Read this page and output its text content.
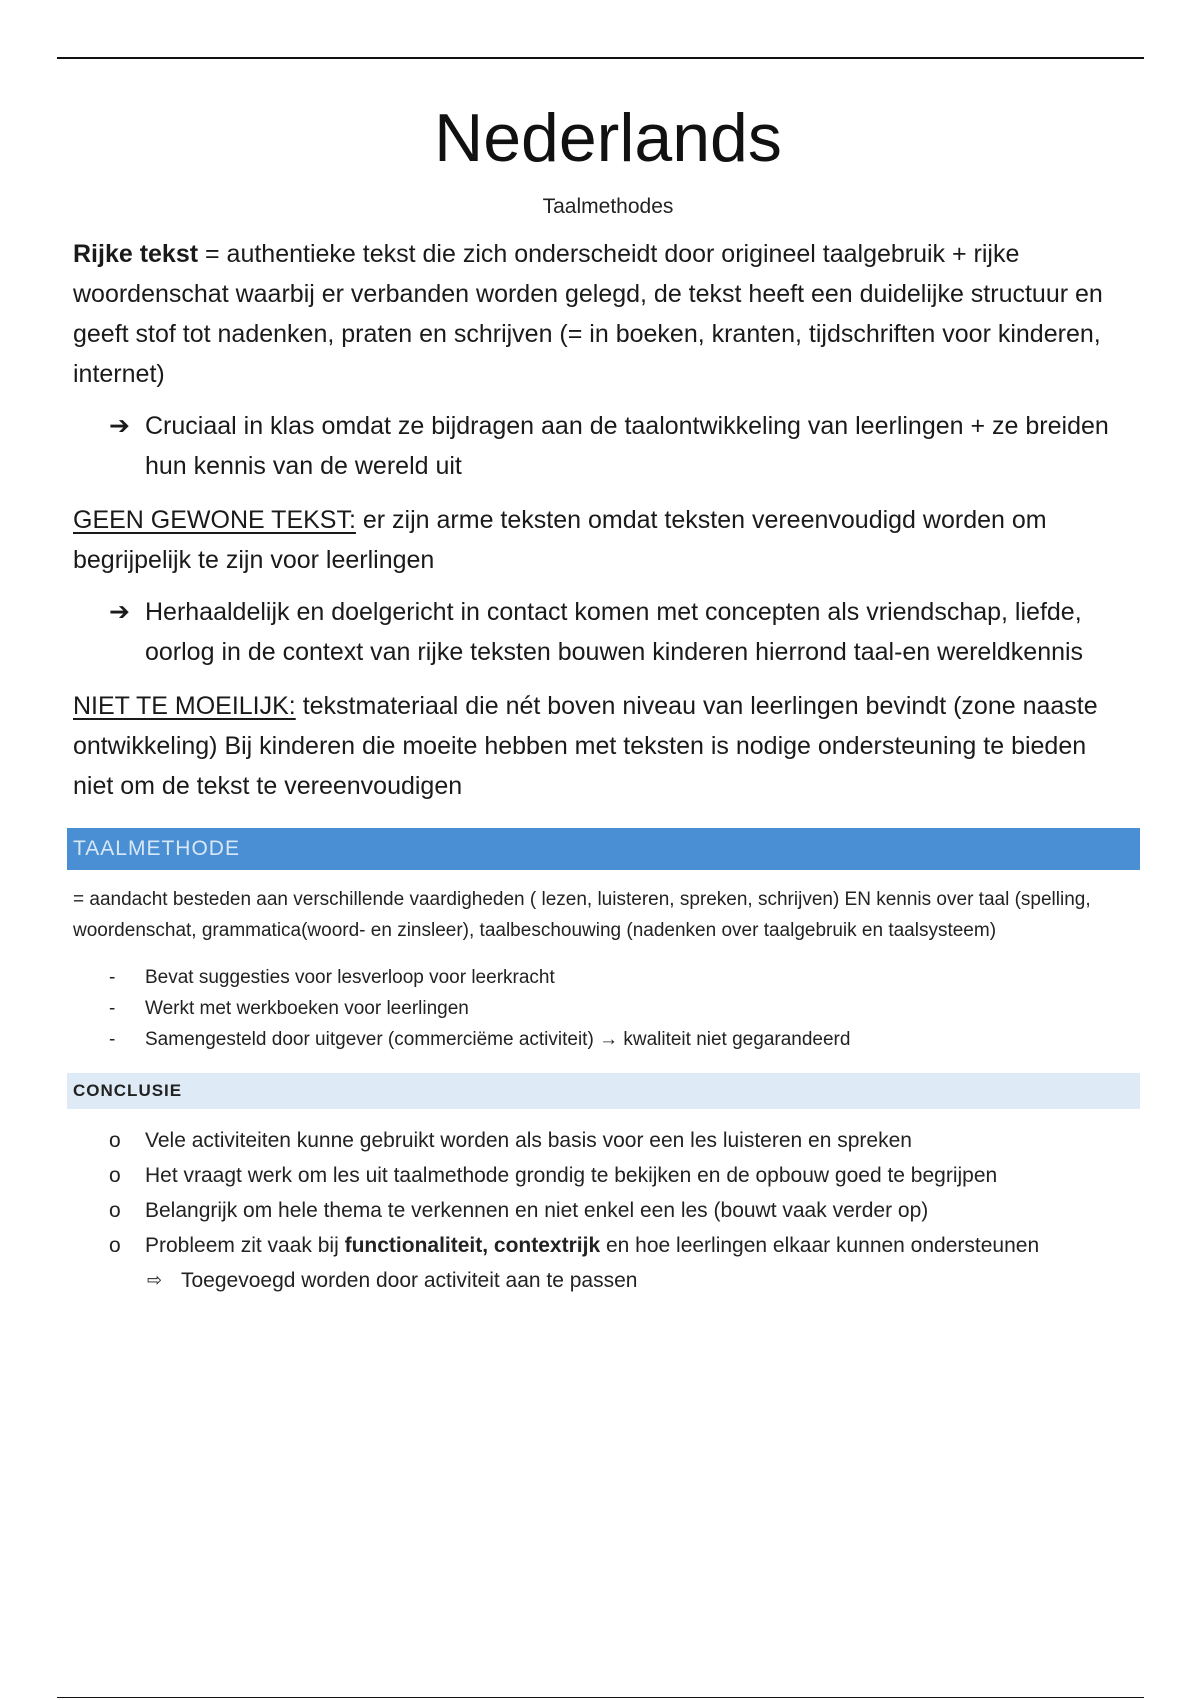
Nederlands
Taalmethodes

Rijke tekst = authentieke tekst die zich onderscheidt door origineel taalgebruik + rijke woordenschat waarbij er verbanden worden gelegd, de tekst heeft een duidelijke structuur en geeft stof tot nadenken, praten en schrijven (= in boeken, kranten, tijdschriften voor kinderen, internet)

➔ Cruciaal in klas omdat ze bijdragen aan de taalontwikkeling van leerlingen + ze breiden hun kennis van de wereld uit

GEEN GEWONE TEKST: er zijn arme teksten omdat teksten vereenvoudigd worden om begrijpelijk te zijn voor leerlingen

➔ Herhaaldelijk en doelgericht in contact komen met concepten als vriendschap, liefde, oorlog in de context van rijke teksten bouwen kinderen hierrond taal-en wereldkennis

NIET TE MOEILIJK: tekstmateriaal die nét boven niveau van leerlingen bevindt (zone naaste ontwikkeling) Bij kinderen die moeite hebben met teksten is nodige ondersteuning te bieden niet om de tekst te vereenvoudigen

TAALMETHODE

= aandacht besteden aan verschillende vaardigheden ( lezen, luisteren, spreken, schrijven) EN kennis over taal (spelling, woordenschat, grammatica(woord- en zinsleer), taalbeschouwing (nadenken over taalgebruik en taalsysteem)

- Bevat suggesties voor lesverloop voor leerkracht
- Werkt met werkboeken voor leerlingen
- Samengesteld door uitgever (commerciëme activiteit) → kwaliteit niet gegarandeerd
CONCLUSIE
o Vele activiteiten kunne gebruikt worden als basis voor een les luisteren en spreken
o Het vraagt werk om les uit taalmethode grondig te bekijken en de opbouw goed te begrijpen
o Belangrijk om hele thema te verkennen en niet enkel een les (bouwt vaak verder op)
o Probleem zit vaak bij functionaliteit, contextrijk en hoe leerlingen elkaar kunnen ondersteunen
⇨ Toegevoegd worden door activiteit aan te passen
